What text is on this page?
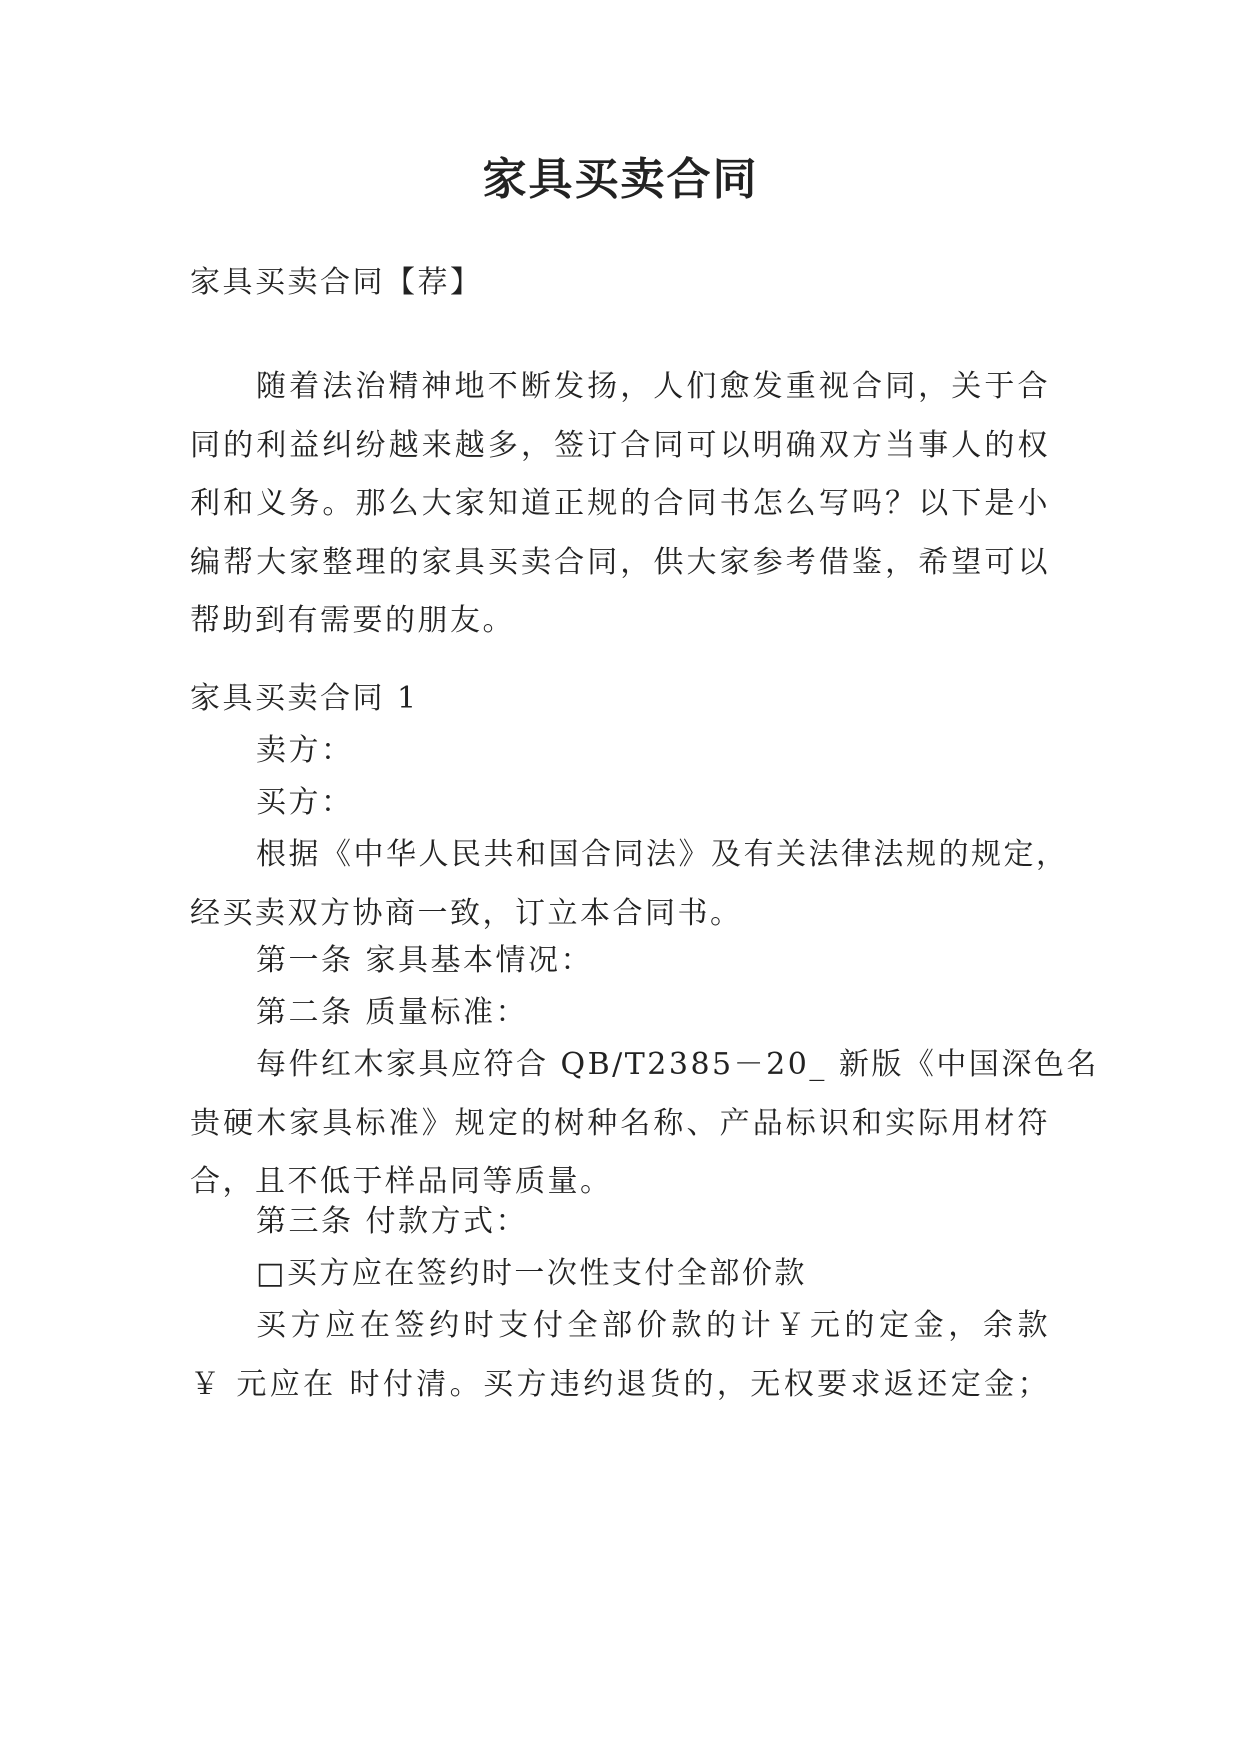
家具买卖合同

家具买卖合同【荐】

随着法治精神地不断发扬，人们愈发重视合同，关于合
同的利益纠纷越来越多，签订合同可以明确双方当事人的权
利和义务。那么大家知道正规的合同书怎么写吗？以下是小
编帮大家整理的家具买卖合同，供大家参考借鉴，希望可以
帮助到有需要的朋友。

家具买卖合同 1

卖方：

买方：

根据《中华人民共和国合同法》及有关法律法规的规定，
经买卖双方协商一致，订立本合同书。

第一条 家具基本情况：

第二条 质量标准：

每件红木家具应符合 QB/T2385－20_ 新版《中国深色名
贵硬木家具标准》规定的树种名称、产品标识和实际用材符
合，且不低于样品同等质量。

第三条 付款方式：

□买方应在签约时一次性支付全部价款

买方应在签约时支付全部价款的计￥元的定金，余款
￥ 元应在 时付清。买方违约退货的，无权要求返还定金；
